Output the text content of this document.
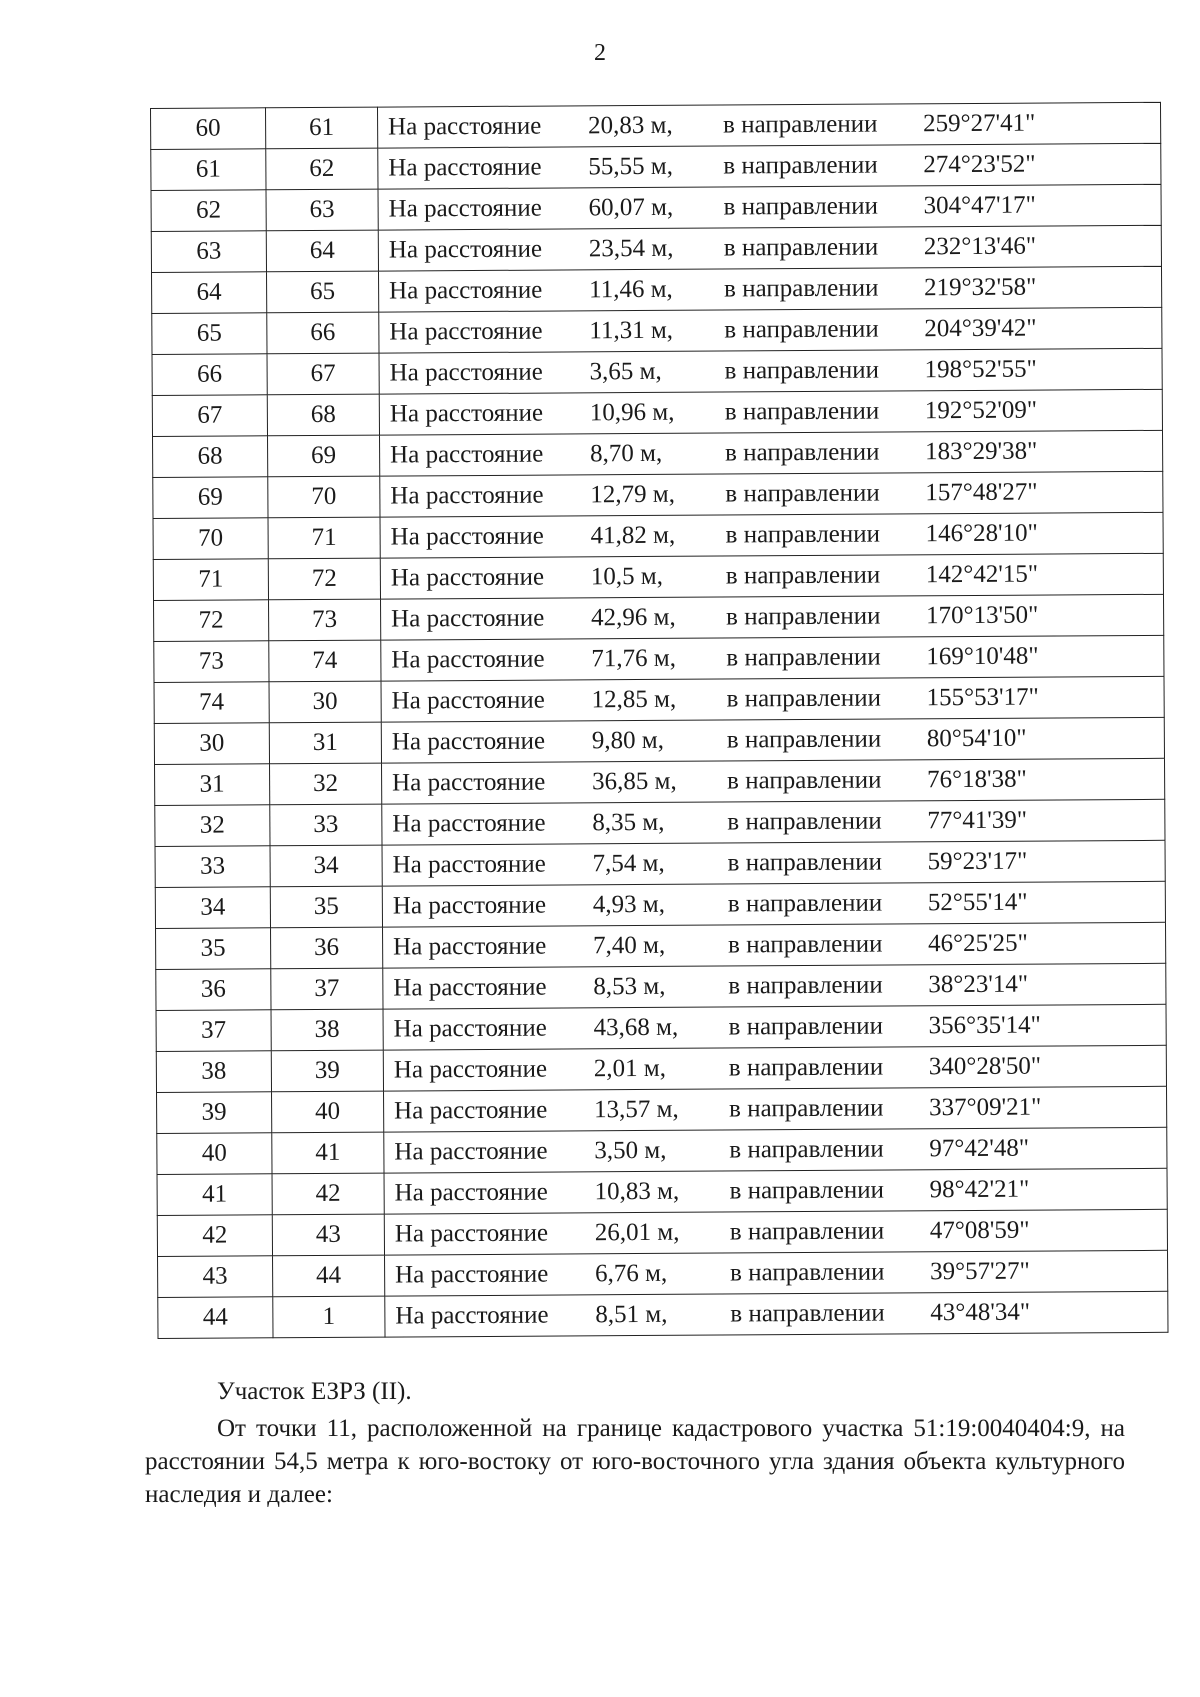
2
60	61	На расстояние 20,83 м, в направлении 259°27'41"
61	62	На расстояние 55,55 м, в направлении 274°23'52"
62	63	На расстояние 60,07 м, в направлении 304°47'17"
63	64	На расстояние 23,54 м, в направлении 232°13'46"
64	65	На расстояние 11,46 м, в направлении 219°32'58"
65	66	На расстояние 11,31 м, в направлении 204°39'42"
66	67	На расстояние 3,65 м, в направлении 198°52'55"
67	68	На расстояние 10,96 м, в направлении 192°52'09"
68	69	На расстояние 8,70 м, в направлении 183°29'38"
69	70	На расстояние 12,79 м, в направлении 157°48'27"
70	71	На расстояние 41,82 м, в направлении 146°28'10"
71	72	На расстояние 10,5 м, в направлении 142°42'15"
72	73	На расстояние 42,96 м, в направлении 170°13'50"
73	74	На расстояние 71,76 м, в направлении 169°10'48"
74	30	На расстояние 12,85 м, в направлении 155°53'17"
30	31	На расстояние 9,80 м, в направлении 80°54'10"
31	32	На расстояние 36,85 м, в направлении 76°18'38"
32	33	На расстояние 8,35 м, в направлении 77°41'39"
33	34	На расстояние 7,54 м, в направлении 59°23'17"
34	35	На расстояние 4,93 м, в направлении 52°55'14"
35	36	На расстояние 7,40 м, в направлении 46°25'25"
36	37	На расстояние 8,53 м, в направлении 38°23'14"
37	38	На расстояние 43,68 м, в направлении 356°35'14"
38	39	На расстояние 2,01 м, в направлении 340°28'50"
39	40	На расстояние 13,57 м, в направлении 337°09'21"
40	41	На расстояние 3,50 м, в направлении 97°42'48"
41	42	На расстояние 10,83 м, в направлении 98°42'21"
42	43	На расстояние 26,01 м, в направлении 47°08'59"
43	44	На расстояние 6,76 м, в направлении 39°57'27"
44	1	На расстояние 8,51 м, в направлении 43°48'34"

Участок ЕЗРЗ (II).

От точки 11, расположенной на границе кадастрового участка 51:19:0040404:9, на расстоянии 54,5 метра к юго-востоку от юго-восточного угла здания объекта культурного наследия и далее:
